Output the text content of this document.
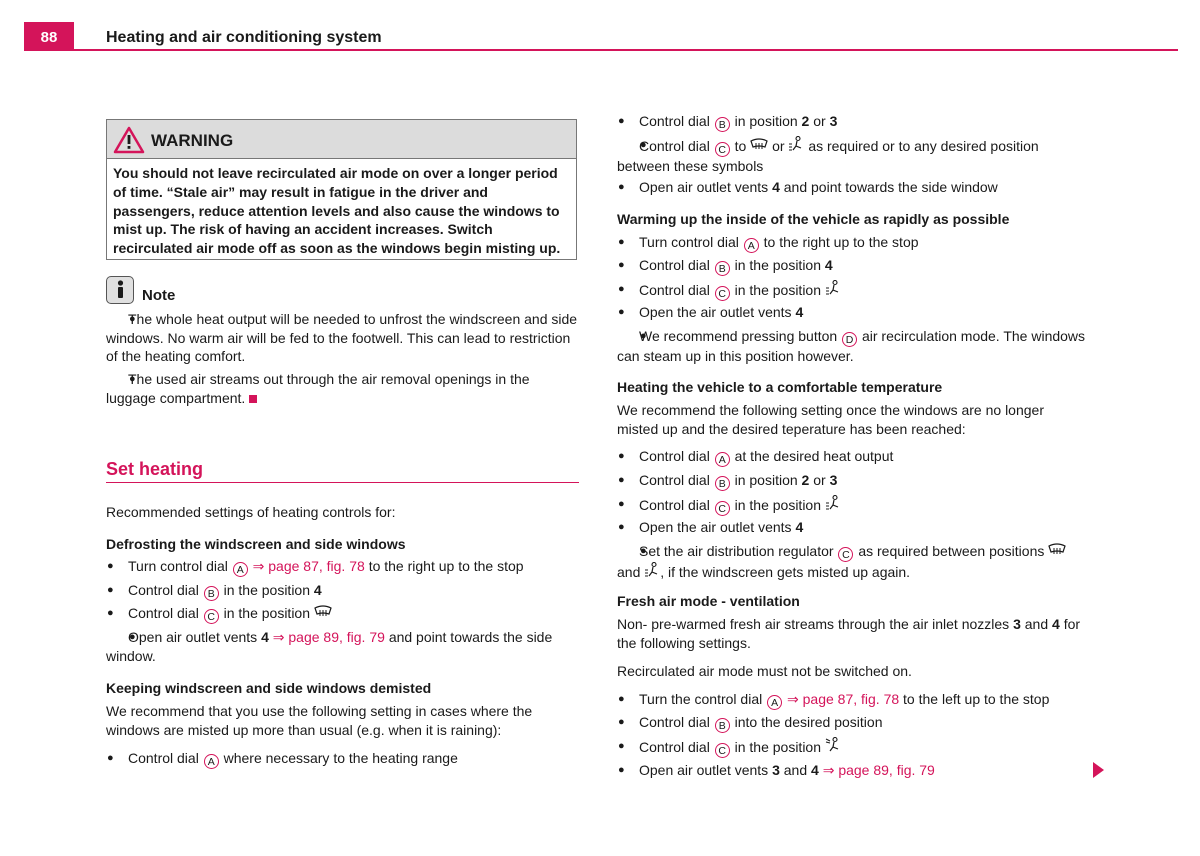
88	Heating and air conditioning system
WARNING
You should not leave recirculated air mode on over a longer period of time. “Stale air” may result in fatigue in the driver and passengers, reduce attention levels and also cause the windows to mist up. The risk of having an accident increases. Switch recirculated air mode off as soon as the windows begin misting up.
Note

● The whole heat output will be needed to unfrost the windscreen and side windows. No warm air will be fed to the footwell. This can lead to restriction of the heating comfort.

● The used air streams out through the air removal openings in the luggage compartment.

Set heating

Recommended settings of heating controls for:

Defrosting the windscreen and side windows

● Turn control dial A ⇒ page 87, fig. 78 to the right up to the stop

● Control dial B in the position 4

● Control dial C in the position

● Open air outlet vents 4 ⇒ page 89, fig. 79 and point towards the side window.

Keeping windscreen and side windows demisted

We recommend that you use the following setting in cases where the windows are misted up more than usual (e.g. when it is raining):

● Control dial A where necessary to the heating range

● Control dial B in position 2 or 3

● Control dial C to or as required or to any desired position between these symbols

● Open air outlet vents 4 and point towards the side window

Warming up the inside of the vehicle as rapidly as possible

● Turn control dial A to the right up to the stop

● Control dial B in the position 4

● Control dial C in the position

● Open the air outlet vents 4

● We recommend pressing button D air recirculation mode. The windows can steam up in this position however.

Heating the vehicle to a comfortable temperature

We recommend the following setting once the windows are no longer misted up and the desired teperature has been reached:

● Control dial A at the desired heat output

● Control dial B in position 2 or 3

● Control dial C in the position

● Open the air outlet vents 4

● Set the air distribution regulator C as required between positions  and , if the windscreen gets misted up again.

Fresh air mode - ventilation

Non- pre-warmed fresh air streams through the air inlet nozzles 3 and 4 for the following settings.

Recirculated air mode must not be switched on.

● Turn the control dial A ⇒ page 87, fig. 78 to the left up to the stop

● Control dial B into the desired position

● Control dial C in the position

● Open air outlet vents 3 and 4 ⇒ page 89, fig. 79
